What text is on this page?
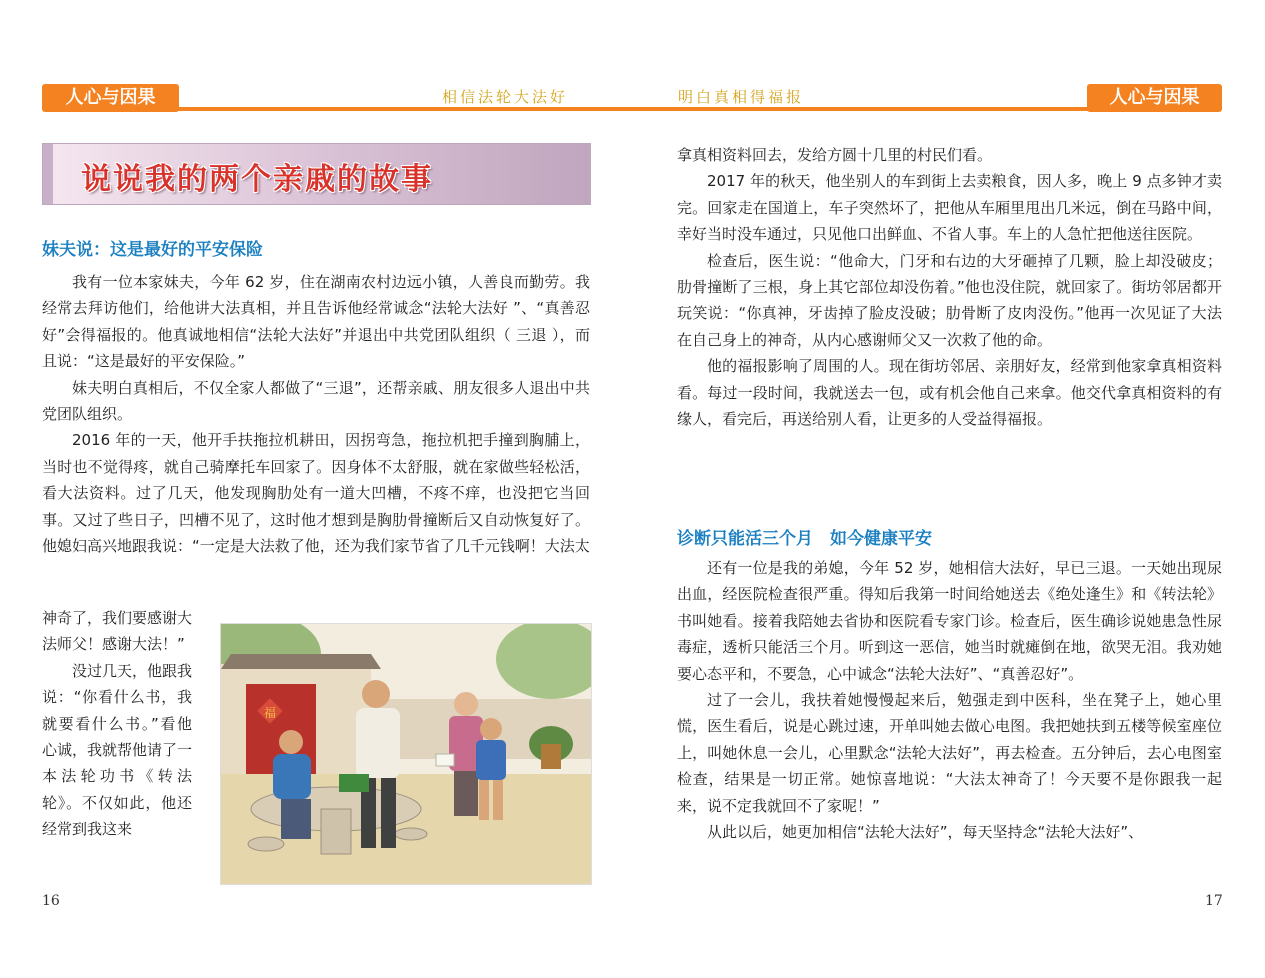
人心与因果	相信法轮大法好	明白真相得福报	人心与因果
说说我的两个亲戚的故事
妹夫说：这是最好的平安保险

我有一位本家妹夫，今年 62 岁，住在湖南农村边远小镇，人善良而勤劳。我经常去拜访他们，给他讲大法真相，并且告诉他经常诚念“法轮大法好 ”、“真善忍好”会得福报的。他真诚地相信“法轮大法好”并退出中共党团队组织（ 三退 ），而且说：“这是最好的平安保险。”

妹夫明白真相后，不仅全家人都做了“三退”，还帮亲戚、朋友很多人退出中共党团队组织。

2016 年的一天，他开手扶拖拉机耕田，因拐弯急，拖拉机把手撞到胸脯上，当时也不觉得疼，就自己骑摩托车回家了。因身体不太舒服，就在家做些轻松活，看大法资料。过了几天，他发现胸肋处有一道大凹槽，不疼不痒，也没把它当回事。又过了些日子，凹槽不见了，这时他才想到是胸肋骨撞断后又自动恢复好了。他媳妇高兴地跟我说：“一定是大法救了他，还为我们家节省了几千元钱啊！大法太

神奇了，我们要感谢大法师父！感谢大法！”

没过几天，他跟我说：“你看什么书，我就要看什么书。”看他心诚，我就帮他请了一本法轮功书《转法轮》。不仅如此，他还经常到我这来

福

拿真相资料回去，发给方圆十几里的村民们看。

2017 年的秋天，他坐别人的车到街上去卖粮食，因人多，晚上 9 点多钟才卖完。回家走在国道上，车子突然坏了，把他从车厢里甩出几米远，倒在马路中间，幸好当时没车通过，只见他口出鲜血、不省人事。车上的人急忙把他送往医院。

检查后，医生说：“他命大，门牙和右边的大牙砸掉了几颗，脸上却没破皮；肋骨撞断了三根，身上其它部位却没伤着。”他也没住院，就回家了。街坊邻居都开玩笑说：“你真神，牙齿掉了脸皮没破；肋骨断了皮肉没伤。”他再一次见证了大法在自己身上的神奇，从内心感谢师父又一次救了他的命。

他的福报影响了周围的人。现在街坊邻居、亲朋好友，经常到他家拿真相资料看。每过一段时间，我就送去一包，或有机会他自己来拿。他交代拿真相资料的有缘人，看完后，再送给别人看，让更多的人受益得福报。

诊断只能活三个月　如今健康平安

还有一位是我的弟媳，今年 52 岁，她相信大法好，早已三退。一天她出现尿出血，经医院检查很严重。得知后我第一时间给她送去《绝处逢生》和《转法轮》书叫她看。接着我陪她去省协和医院看专家门诊。检查后，医生确诊说她患急性尿毒症，透析只能活三个月。听到这一恶信，她当时就瘫倒在地，欲哭无泪。我劝她要心态平和，不要急，心中诚念“法轮大法好”、“真善忍好”。

过了一会儿，我扶着她慢慢起来后，勉强走到中医科，坐在凳子上，她心里慌，医生看后，说是心跳过速，开单叫她去做心电图。我把她扶到五楼等候室座位上，叫她休息一会儿，心里默念“法轮大法好”，再去检查。五分钟后，去心电图室检查，结果是一切正常。她惊喜地说：“大法太神奇了！今天要不是你跟我一起来，说不定我就回不了家呢！”

从此以后，她更加相信“法轮大法好”，每天坚持念“法轮大法好”、

16	17
